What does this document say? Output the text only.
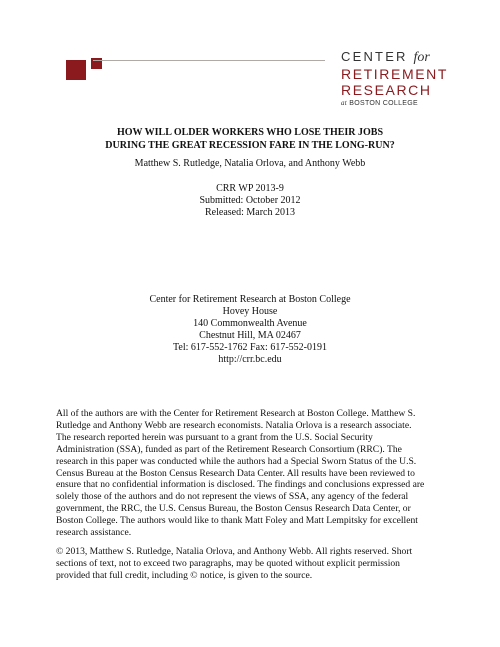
CENTER for
RETIREMENT
RESEARCH
at BOSTON COLLEGE
HOW WILL OLDER WORKERS WHO LOSE THEIR JOBS
DURING THE GREAT RECESSION FARE IN THE LONG-RUN?
Matthew S. Rutledge, Natalia Orlova, and Anthony Webb
CRR WP 2013-9
Submitted: October 2012
Released: March 2013
Center for Retirement Research at Boston College
Hovey House
140 Commonwealth Avenue
Chestnut Hill, MA 02467
Tel: 617-552-1762 Fax: 617-552-0191
http://crr.bc.edu
All of the authors are with the Center for Retirement Research at Boston College. Matthew S.
Rutledge and Anthony Webb are research economists. Natalia Orlova is a research associate.
The research reported herein was pursuant to a grant from the U.S. Social Security
Administration (SSA), funded as part of the Retirement Research Consortium (RRC). The
research in this paper was conducted while the authors had a Special Sworn Status of the U.S.
Census Bureau at the Boston Census Research Data Center. All results have been reviewed to
ensure that no confidential information is disclosed. The findings and conclusions expressed are
solely those of the authors and do not represent the views of SSA, any agency of the federal
government, the RRC, the U.S. Census Bureau, the Boston Census Research Data Center, or
Boston College. The authors would like to thank Matt Foley and Matt Lempitsky for excellent
research assistance.
© 2013, Matthew S. Rutledge, Natalia Orlova, and Anthony Webb. All rights reserved. Short
sections of text, not to exceed two paragraphs, may be quoted without explicit permission
provided that full credit, including © notice, is given to the source.
